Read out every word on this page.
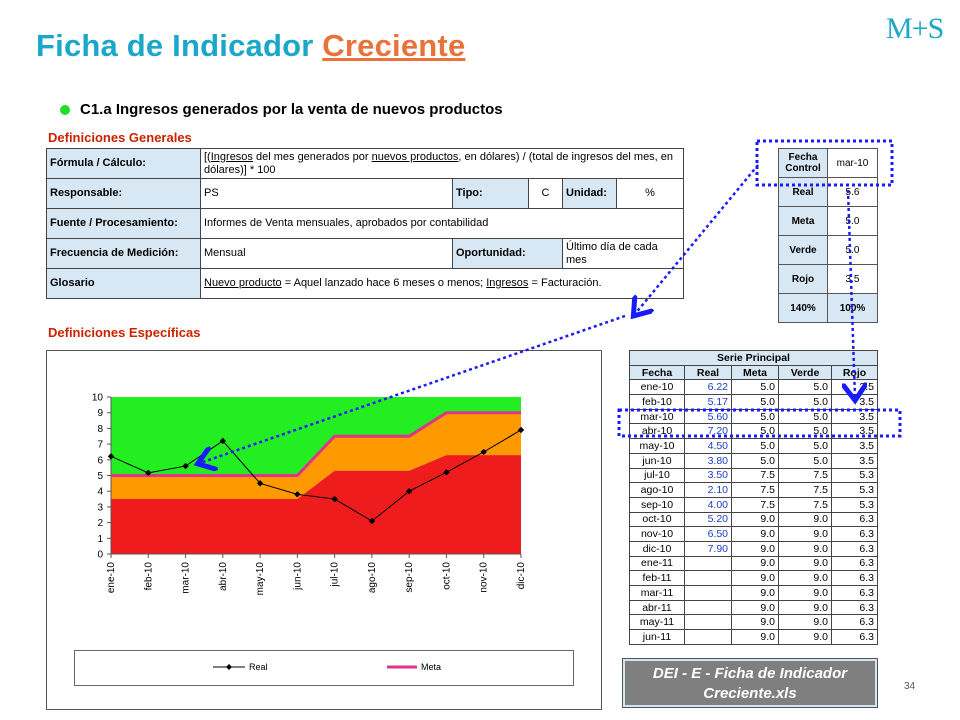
Ficha de Indicador Creciente	M+S
C1.a Ingresos generados por la venta de nuevos productos
Definiciones Generales
Fórmula / Cálculo:	[(Ingresos del mes generados por nuevos productos, en dólares) / (total de ingresos del mes, en dólares)] * 100				
Responsable:	PS	Tipo:	C	Unidad:	%
Fuente / Procesamiento:	Informes de Venta mensuales, aprobados por contabilidad				
Frecuencia de Medición:	Mensual	Oportunidad:		Último día de cada mes	
Glosario	Nuevo producto = Aquel lanzado hace 6 meses o menos; Ingresos = Facturación.				
Fecha Control	mar-10
Real	5.6
Meta	5.0
Verde	5.0
Rojo	3.5
140%	100%
Definiciones Específicas
0
1
2
3
4
5
6
7
8
9
10
ene-10	feb-10	mar-10	abr-10	may-10	jun-10	jul-10	ago-10	sep-10	oct-10	nov-10	dic-10
Real	Meta
Serie Principal				
Fecha	Real	Meta	Verde	Rojo
ene-10	6.22	5.0	5.0	3.5
feb-10	5.17	5.0	5.0	3.5
mar-10	5.60	5.0	5.0	3.5
abr-10	7.20	5.0	5.0	3.5
may-10	4.50	5.0	5.0	3.5
jun-10	3.80	5.0	5.0	3.5
jul-10	3.50	7.5	7.5	5.3
ago-10	2.10	7.5	7.5	5.3
sep-10	4.00	7.5	7.5	5.3
oct-10	5.20	9.0	9.0	6.3
nov-10	6.50	9.0	9.0	6.3
dic-10	7.90	9.0	9.0	6.3
ene-11		9.0	9.0	6.3
feb-11		9.0	9.0	6.3
mar-11		9.0	9.0	6.3
abr-11		9.0	9.0	6.3
may-11		9.0	9.0	6.3
jun-11		9.0	9.0	6.3
DEI - E - Ficha de Indicador Creciente.xls	34
